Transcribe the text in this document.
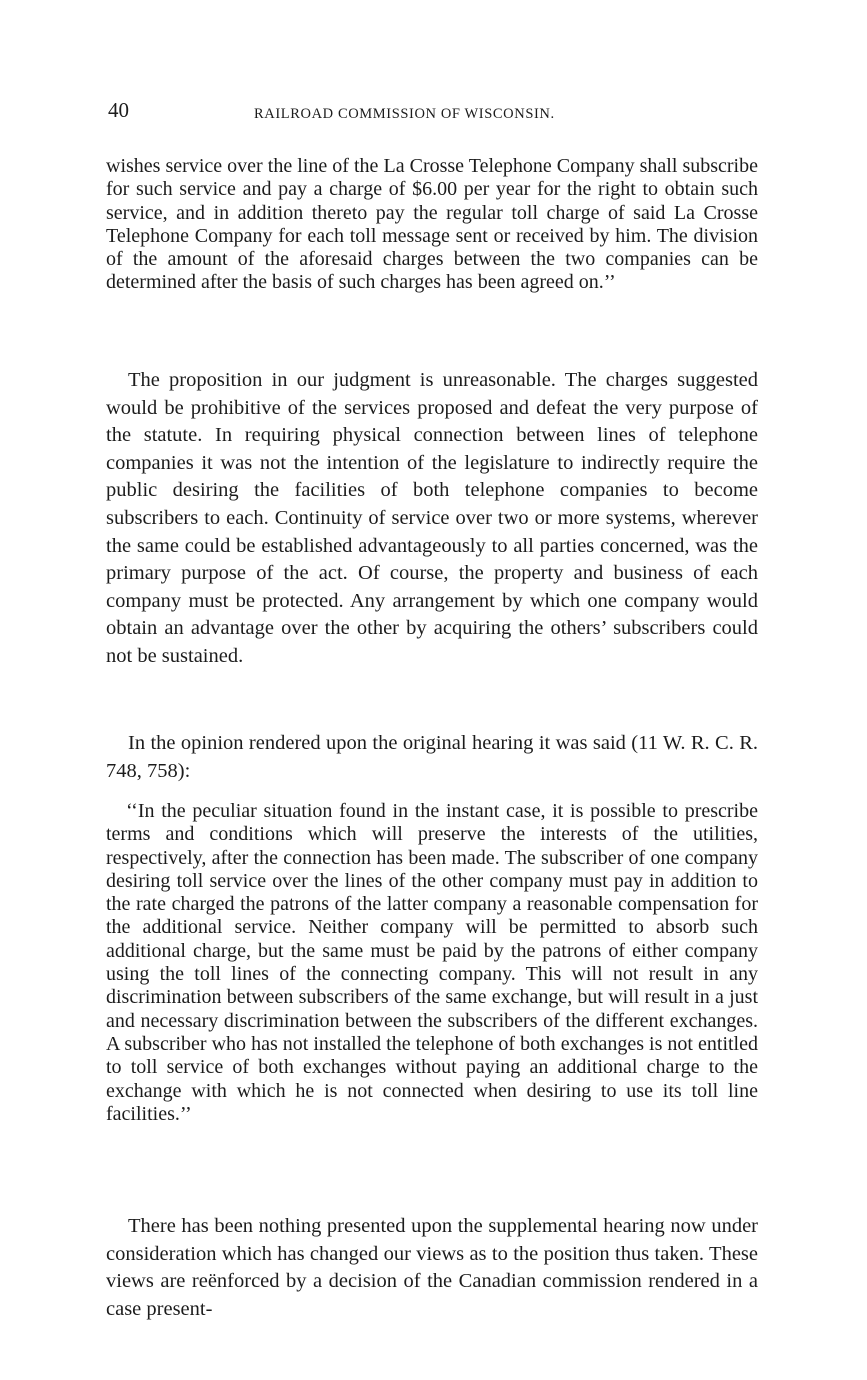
40	RAILROAD COMMISSION OF WISCONSIN.

wishes service over the line of the La Crosse Telephone Company shall subscribe for such service and pay a charge of $6.00 per year for the right to obtain such service, and in addition thereto pay the regular toll charge of said La Crosse Telephone Company for each toll message sent or received by him. The division of the amount of the aforesaid charges between the two companies can be determined after the basis of such charges has been agreed on.’’

The proposition in our judgment is unreasonable. The charges suggested would be prohibitive of the services proposed and defeat the very purpose of the statute. In requiring physical connection between lines of telephone companies it was not the intention of the legislature to indirectly require the public desiring the facilities of both telephone companies to become subscribers to each. Continuity of service over two or more systems, wherever the same could be established advantageously to all parties concerned, was the primary purpose of the act. Of course, the property and business of each company must be protected. Any arrangement by which one company would obtain an advantage over the other by acquiring the others’ subscribers could not be sustained.

In the opinion rendered upon the original hearing it was said (11 W. R. C. R. 748, 758):

‘‘In the peculiar situation found in the instant case, it is possible to prescribe terms and conditions which will preserve the interests of the utilities, respectively, after the connection has been made. The subscriber of one company desiring toll service over the lines of the other company must pay in addition to the rate charged the patrons of the latter company a reasonable compensation for the additional service. Neither company will be permitted to absorb such additional charge, but the same must be paid by the patrons of either company using the toll lines of the connecting company. This will not result in any discrimination between subscribers of the same exchange, but will result in a just and necessary discrimination between the subscribers of the different exchanges. A subscriber who has not installed the telephone of both exchanges is not entitled to toll service of both exchanges without paying an additional charge to the exchange with which he is not connected when desiring to use its toll line facilities.’’

There has been nothing presented upon the supplemental hearing now under consideration which has changed our views as to the position thus taken. These views are reënforced by a decision of the Canadian commission rendered in a case present-
